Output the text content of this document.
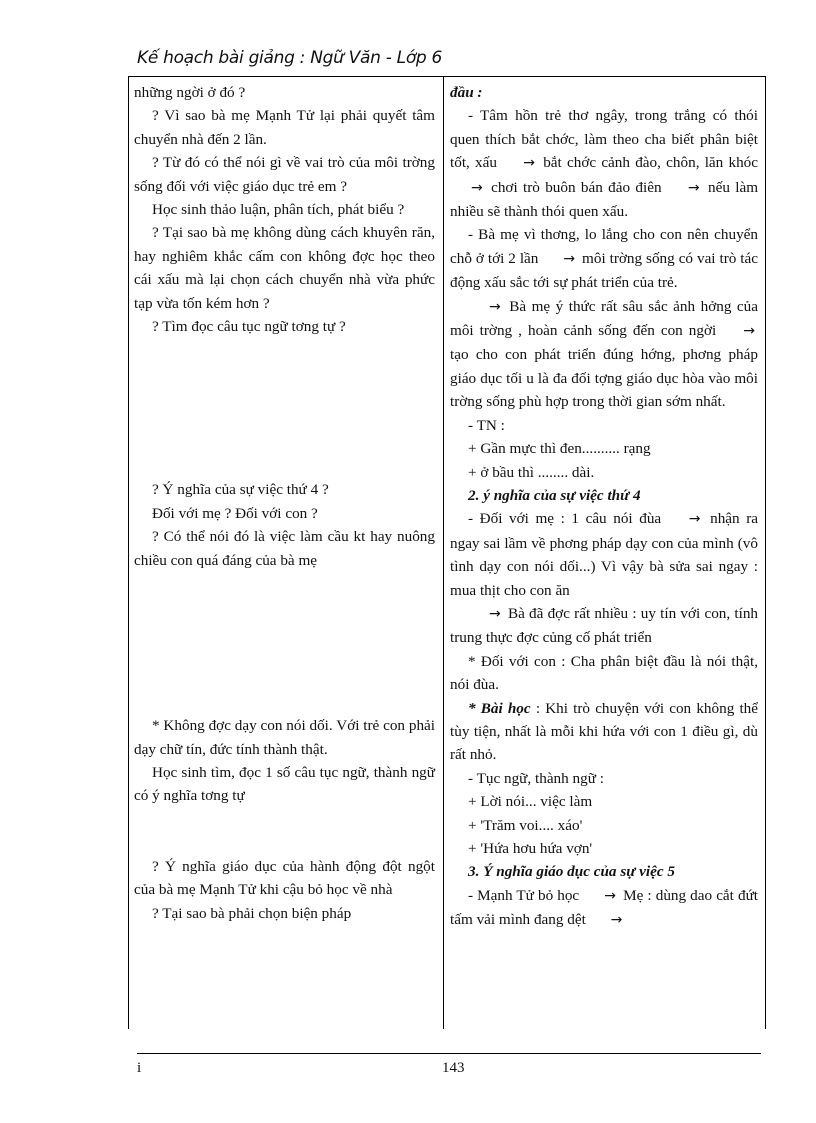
Kế hoạch bài giảng : Ngữ Văn - Lớp 6

những ngời ở đó ?

? Vì sao bà mẹ Mạnh Tử lại phải quyết tâm chuyển nhà đến 2 lần.

? Từ đó có thể nói gì về vai trò của môi trờng sống đối với việc giáo dục trẻ em ?

Học sinh thảo luận, phân tích, phát biểu ?

? Tại sao bà mẹ không dùng cách khuyên răn, hay nghiêm khắc cấm con không đợc học theo cái xấu mà lại chọn cách chuyển nhà vừa phức tạp vừa tốn kém hơn ?

? Tìm đọc câu tục ngữ tơng tự ?

? Ý nghĩa của sự việc thứ 4 ?

Đối với mẹ ? Đối với con ?

? Có thể nói đó là việc làm cầu kt hay nuông chiều con quá đáng của bà mẹ

* Không đợc dạy con nói dối. Với trẻ con phải dạy chữ tín, đức tính thành thật.

Học sinh tìm, đọc 1 số câu tục ngữ, thành ngữ có ý nghĩa tơng tự

? Ý nghĩa giáo dục của hành động đột ngột của bà mẹ Mạnh Tử khi cậu bỏ học về nhà

? Tại sao bà phải chọn biện pháp

đầu :

- Tâm hồn trẻ thơ ngây, trong trắng có thói quen thích bắt chớc, làm theo cha biết phân biệt tốt, xấu → bắt chớc cảnh đào, chôn, lăn khóc → chơi trò buôn bán đảo điên → nếu làm nhiều sẽ thành thói quen xấu.

- Bà mẹ vì thơng, lo lắng cho con nên chuyển chỗ ở tới 2 lần → môi trờng sống có vai trò tác động xấu sắc tới sự phát triển của trẻ.

→ Bà mẹ ý thức rất sâu sắc ảnh hởng của môi trờng , hoàn cảnh sống đến con ngời → tạo cho con phát triển đúng hớng, phơng pháp giáo dục tối u là đa đối tợng giáo dục hòa vào môi trờng sống phù hợp trong thời gian sớm nhất.

- TN :

+ Gần mực thì đen.......... rạng

+ ở bầu thì ........ dài.

2. ý nghĩa của sự việc thứ 4

- Đối với mẹ : 1 câu nói đùa → nhận ra ngay sai lầm về phơng pháp dạy con của mình (vô tình dạy con nói dối...) Vì vậy bà sửa sai ngay : mua thịt cho con ăn

→ Bà đã đợc rất nhiều : uy tín với con, tính trung thực đợc củng cố phát triển

* Đối với con : Cha phân biệt đầu là nói thật, nói đùa.

* Bài học : Khi trò chuyện với con không thể tùy tiện, nhất là mỗi khi hứa với con 1 điều gì, dù rất nhỏ.

- Tục ngữ, thành ngữ :

+ Lời nói... việc làm

+ 'Trăm voi.... xáo'

+ 'Hứa hơu hứa vợn'

3. Ý nghĩa giáo dục của sự việc 5

- Mạnh Tử bỏ học → Mẹ : dùng dao cắt đứt tấm vải mình đang dệt →

i	143
